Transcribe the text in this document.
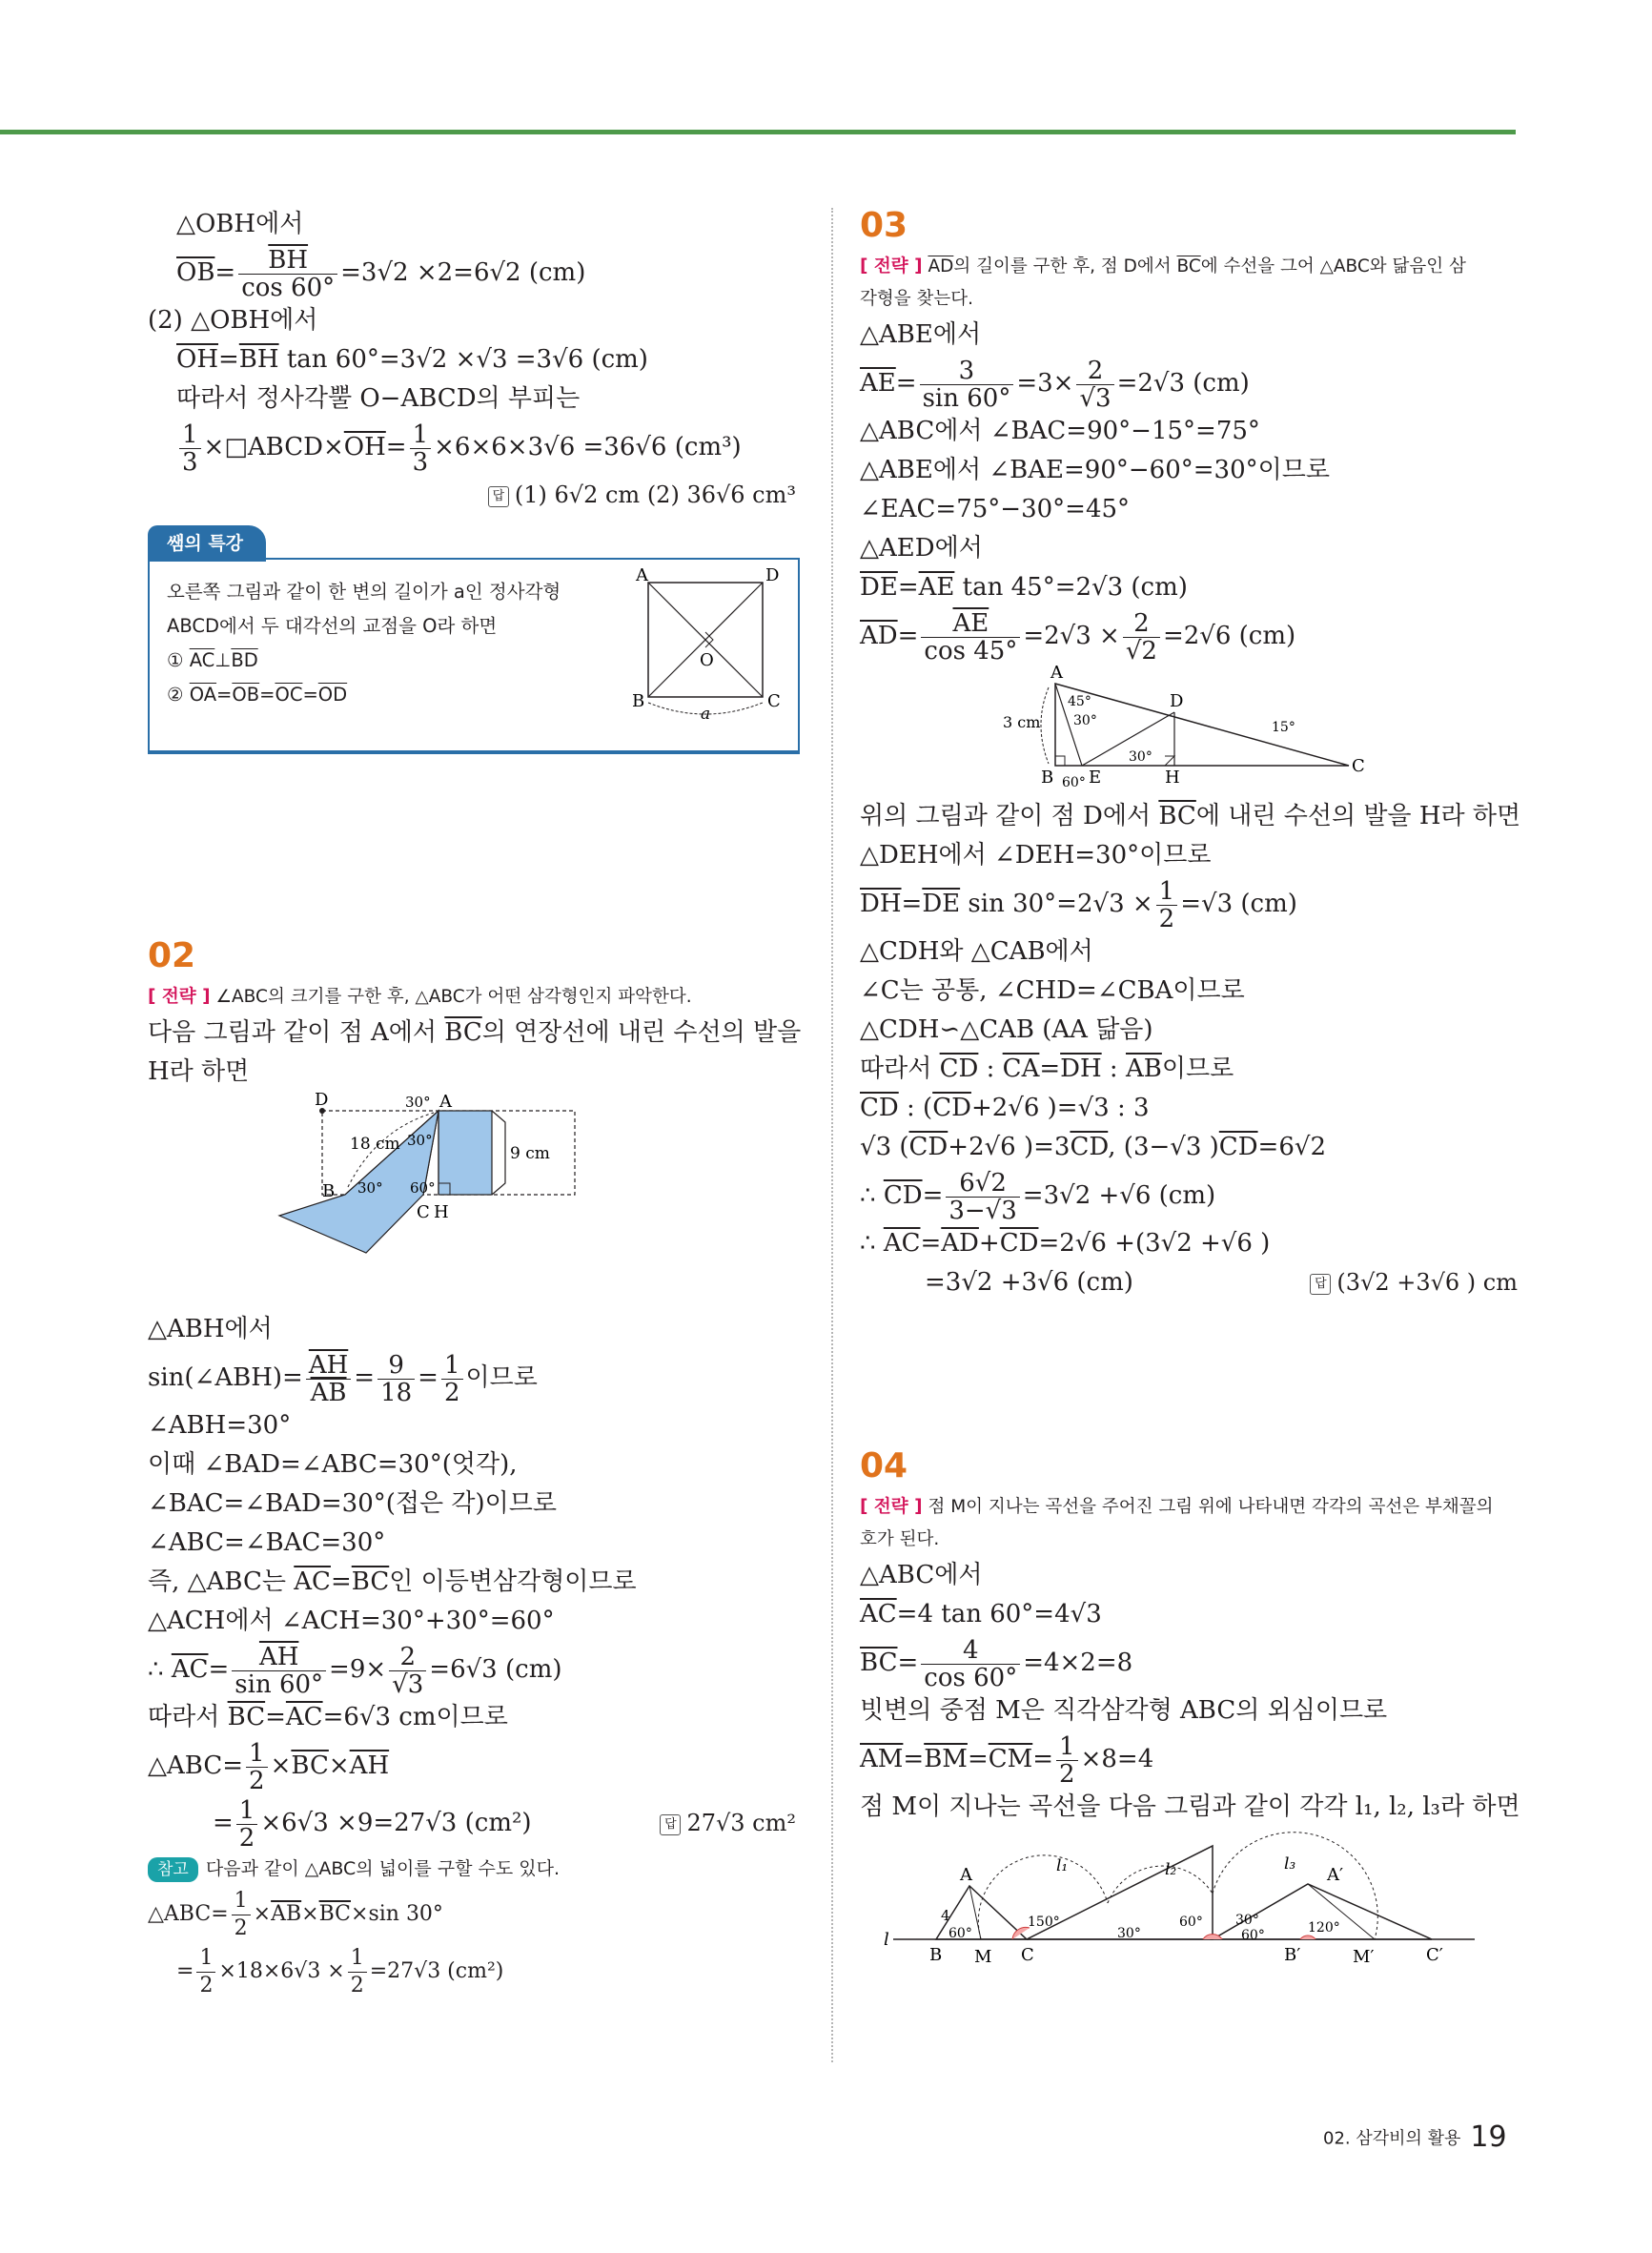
△OBH에서
$\overline{OB}= \frac{\overline{BH}}{\cos 60^\circ} =3√2 \times 2=6√2$ (cm)
(2) △OBH에서
$\overline{OH}=\overline{BH}$ tan 60°=3√2 ×√3 =3√6 (cm)
따라서 정사각뿔 O−ABCD의 부피는
$\frac{1}{3}$ $\times□ABCD\times\overline{OH}= \frac{1}{3} \times 6\times 6\times 3√6 =36√6$ (cm³)
답 (1) 6√2 cm (2) 36√6 cm³
쌤의 특강
오른쪽 그림과 같이 한 변의 길이가 a인 정사각형
ABCD에서 두 대각선의 교점을 O라 하면
① $\overline{AC}\perp\overline{BD}$
② $\overline{OA}=\overline{OB}=\overline{OC}=\overline{OD}$
A	D
B	C
O
a
02
[ 전략 ] ∠ABC의 크기를 구한 후, △ABC가 어떤 삼각형인지 파악한다.
다음 그림과 같이 점 A에서 $\overline{BC}$의 연장선에 내린 수선의 발을
H라 하면
D	A
B
C H
30°
30°
30° 60°
18 cm	9 cm
△ABH에서
sin(∠ABH)= $\frac{\overline{AH}}{AB} = \frac{9}{18} = \frac{1}{2}$ 이므로
∠ABH=30°
이때 ∠BAD=∠ABC=30°(엇각),
∠BAC=∠BAD=30°(접은 각)이므로
∠ABC=∠BAC=30°
즉, △ABC는 $\overline{AC}=\overline{BC}$인 이등변삼각형이므로
△ACH에서 ∠ACH=30°+30°=60°
∴ $\overline{AC}= \frac{\overline{AH}}{\sin 60^\circ} =9\times \frac{2}{√3} =6√3$ (cm)
따라서 $\overline{BC}=\overline{AC}=6√3$ cm이므로
△ABC= $\frac{1}{2} \times\overline{BC}\times\overline{AH}$
= $\frac{1}{2} \times 6√3 \times 9=27√3$ (cm²)	답 27√3 cm²
참고 다음과 같이 △ABC의 넓이를 구할 수도 있다.
△ABC= $\frac{1}{2} \times\overline{AB}\times\overline{BC}\times\sin$ 30°
= $\frac{1}{2} \times 18\times 6√3 \times \frac{1}{2} =27√3$ (cm²)
03
[ 전략 ] $\overline{AD}$의 길이를 구한 후, 점 D에서 $\overline{BC}$에 수선을 그어 △ABC와 닮음인 삼
각형을 찾는다.
△ABE에서
$\overline{AE}= \frac{3}{\sin 60^\circ} =3\times \frac{2}{√3} =2√3$ (cm)
△ABC에서 ∠BAC=90°−15°=75°
△ABE에서 ∠BAE=90°−60°=30°이므로
∠EAC=75°−30°=45°
△AED에서
$\overline{DE}=\overline{AE}$ tan 45°=2√3 (cm)
$\overline{AD}= \frac{\overline{AE}}{\cos 45^\circ} =2√3 \times \frac{2}{√2} =2√6$ (cm)
A
B
C
D
E	H
45°
30°
30°
60°
15°
3 cm
위의 그림과 같이 점 D에서 $\overline{BC}$에 내린 수선의 발을 H라 하면
△DEH에서 ∠DEH=30°이므로
$\overline{DH}=\overline{DE}$ $\sin 30^\circ=2√3 \times \frac{1}{2} =√3$ (cm)
△CDH와 △CAB에서
∠C는 공통, ∠CHD=∠CBA이므로
△CDH∽△CAB (AA 닮음)
따라서 $\overline{CD}$ : $\overline{CA}=\overline{DH}$ : $\overline{AB}$이므로
$\overline{CD}$ : ($\overline{CD}+2√6$ )=√3 : 3
√3 ($\overline{CD}+2√6$ )$=3\overline{CD}$, (3−√3 )$\overline{CD}=6√2$
∴ $\overline{CD}= \frac{6√2}{3-√3} =3√2 +√6$ (cm)
∴ $\overline{AC}=\overline{AD}+\overline{CD}=2√6 +(3√2 +√6$ )
=3√2 +3√6 (cm)	답 (3√2 +3√6 ) cm
04
[ 전략 ] 점 M이 지나는 곡선을 주어진 그림 위에 나타내면 각각의 곡선은 부채꼴의
호가 된다.
△ABC에서
$\overline{AC}=4$ tan 60°=4√3
$\overline{BC}= \frac{4}{\cos 60^\circ} =4\times 2=8$
빗변의 중점 M은 직각삼각형 ABC의 외심이므로
$\overline{AM}=\overline{BM}=\overline{CM}= \frac{1}{2} \times 8=4$
점 M이 지나는 곡선을 다음 그림과 같이 각각 l₁, l₂, l₃라 하면
l
A	A′
B M C	B′	M′	C′
l₁	l₂	l₃
4
60°
150°
30°
60° 30°
60°	120°
02. 삼각비의 활용 19
